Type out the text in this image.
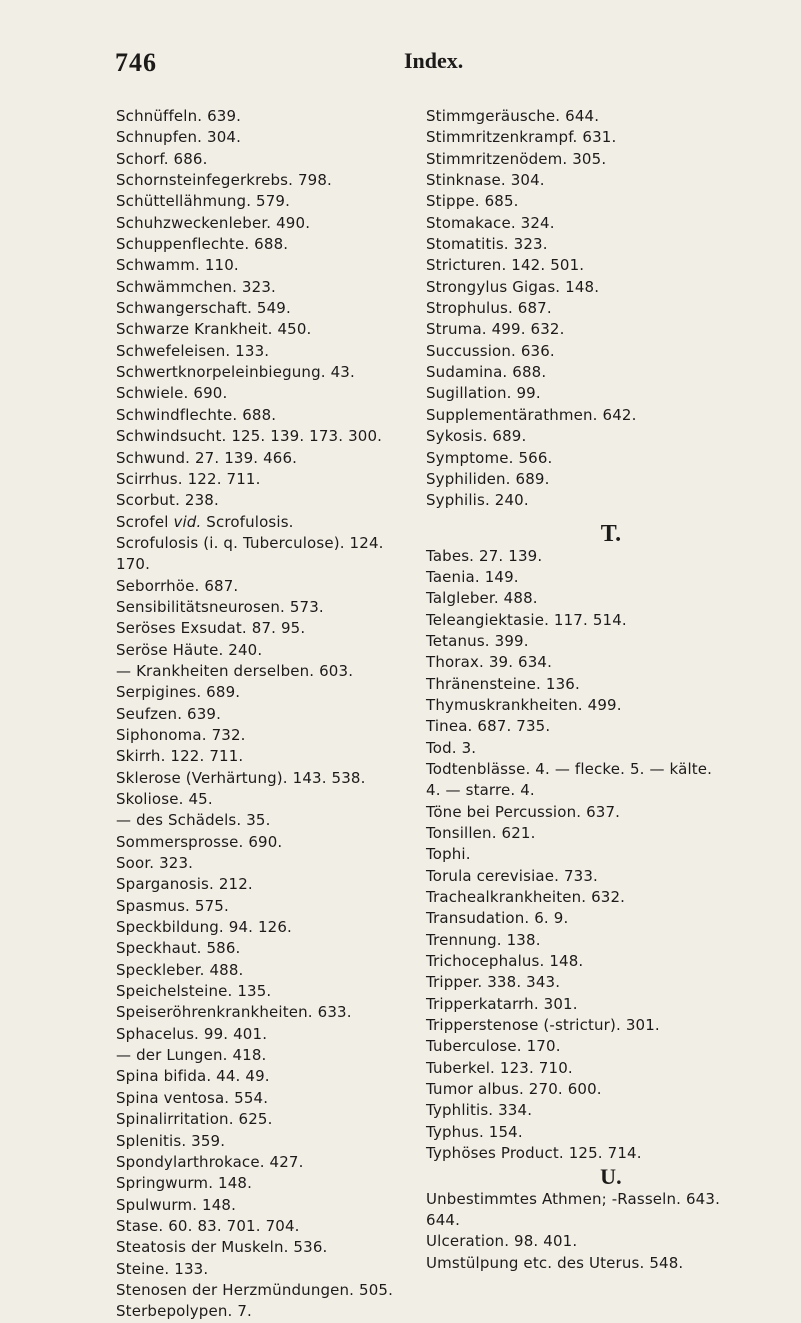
746	Index.
Schnüffeln. 639.
Schnupfen. 304.
Schorf. 686.
Schornsteinfegerkrebs. 798.
Schüttellähmung. 579.
Schuhzweckenleber. 490.
Schuppenflechte. 688.
Schwamm. 110.
Schwämmchen. 323.
Schwangerschaft. 549.
Schwarze Krankheit. 450.
Schwefeleisen. 133.
Schwertknorpeleinbiegung. 43.
Schwiele. 690.
Schwindflechte. 688.
Schwindsucht. 125. 139. 173. 300.
Schwund. 27. 139. 466.
Scirrhus. 122. 711.
Scorbut. 238.
Scrofel vid. Scrofulosis.
Scrofulosis (i. q. Tuberculose). 124.
170.
Seborrhöe. 687.
Sensibilitätsneurosen. 573.
Seröses Exsudat. 87. 95.
Seröse Häute. 240.
— Krankheiten derselben. 603.
Serpigines. 689.
Seufzen. 639.
Siphonoma. 732.
Skirrh. 122. 711.
Sklerose (Verhärtung). 143. 538.
Skoliose. 45.
— des Schädels. 35.
Sommersprosse. 690.
Soor. 323.
Sparganosis. 212.
Spasmus. 575.
Speckbildung. 94. 126.
Speckhaut. 586.
Speckleber. 488.
Speichelsteine. 135.
Speiseröhrenkrankheiten. 633.
Sphacelus. 99. 401.
— der Lungen. 418.
Spina bifida. 44. 49.
Spina ventosa. 554.
Spinalirritation. 625.
Splenitis. 359.
Spondylarthrokace. 427.
Springwurm. 148.
Spulwurm. 148.
Stase. 60. 83. 701. 704.
Steatosis der Muskeln. 536.
Steine. 133.
Stenosen der Herzmündungen. 505.
Sterbepolypen. 7.
Stimmgeräusche. 644.
Stimmritzenkrampf. 631.
Stimmritzenödem. 305.
Stinknase. 304.
Stippe. 685.
Stomakace. 324.
Stomatitis. 323.
Stricturen. 142. 501.
Strongylus Gigas. 148.
Strophulus. 687.
Struma. 499. 632.
Succussion. 636.
Sudamina. 688.
Sugillation. 99.
Supplementärathmen. 642.
Sykosis. 689.
Symptome. 566.
Syphiliden. 689.
Syphilis. 240.
T.
Tabes. 27. 139.
Taenia. 149.
Talgleber. 488.
Teleangiektasie. 117. 514.
Tetanus. 399.
Thorax. 39. 634.
Thränensteine. 136.
Thymuskrankheiten. 499.
Tinea. 687. 735.
Tod. 3.
Todtenblässe. 4. — flecke. 5. — kälte.
4. — starre. 4.
Töne bei Percussion. 637.
Tonsillen. 621.
Tophi.
Torula cerevisiae. 733.
Trachealkrankheiten. 632.
Transudation. 6. 9.
Trennung. 138.
Trichocephalus. 148.
Tripper. 338. 343.
Tripperkatarrh. 301.
Tripperstenose (-strictur). 301.
Tuberculose. 170.
Tuberkel. 123. 710.
Tumor albus. 270. 600.
Typhlitis. 334.
Typhus. 154.
Typhöses Product. 125. 714.
U.
Unbestimmtes Athmen; -Rasseln. 643.
644.
Ulceration. 98. 401.
Umstülpung etc. des Uterus. 548.
